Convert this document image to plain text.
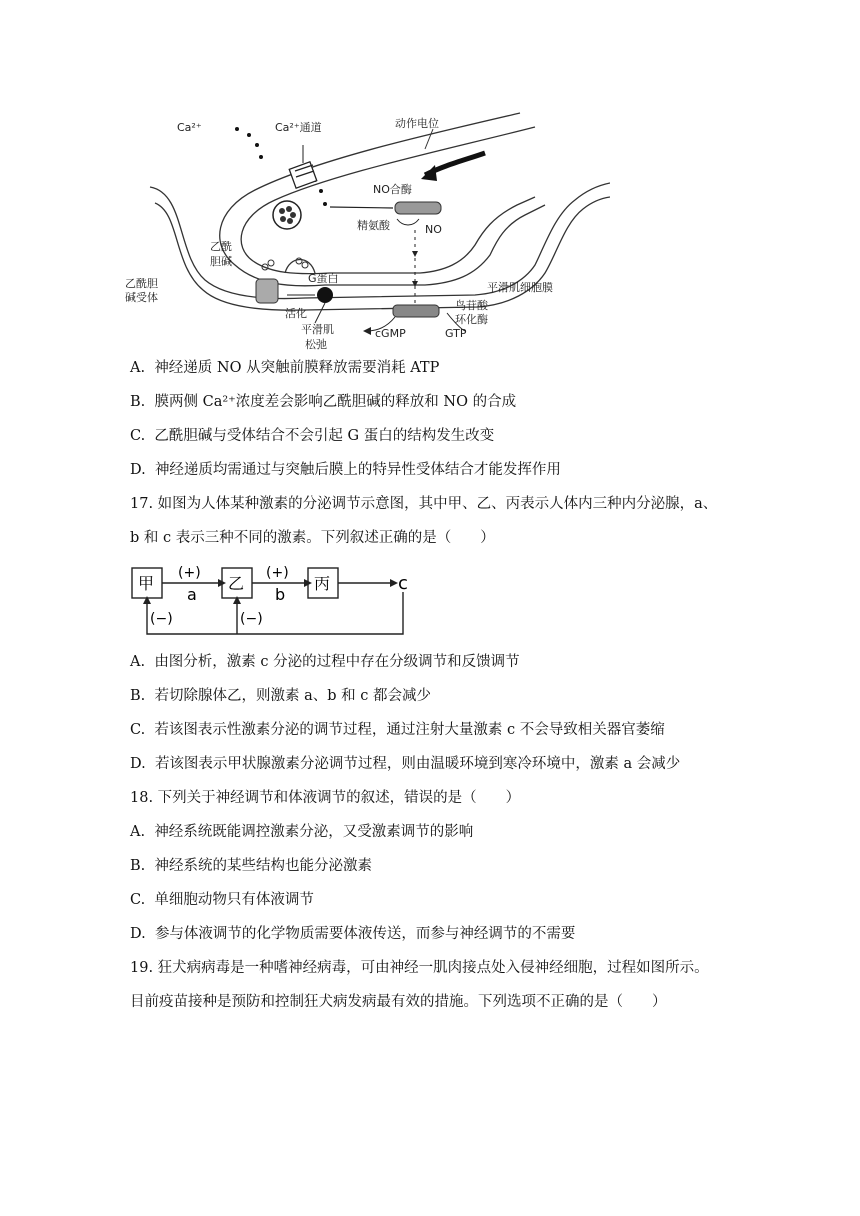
Ca²⁺	Ca²⁺通道	动作电位
NO合酶
精氨酸	NO
乙酰
胆碱
G蛋白
乙酰胆
碱受体
活化
平滑肌
松弛
cGMP	GTP
鸟苷酸
环化酶
平滑肌细胞膜
A. 神经递质 NO 从突触前膜释放需要消耗 ATP
B. 膜两侧 Ca²⁺浓度差会影响乙酰胆碱的释放和 NO 的合成
C. 乙酰胆碱与受体结合不会引起 G 蛋白的结构发生改变
D. 神经递质均需通过与突触后膜上的特异性受体结合才能发挥作用
17. 如图为人体某种激素的分泌调节示意图，其中甲、乙、丙表示人体内三种内分泌腺，a、
b 和 c 表示三种不同的激素。下列叙述正确的是（　　）
甲	乙	丙
(+)	(+)
a	b
c
(−)	(−)
A. 由图分析，激素 c 分泌的过程中存在分级调节和反馈调节
B. 若切除腺体乙，则激素 a、b 和 c 都会减少
C. 若该图表示性激素分泌的调节过程，通过注射大量激素 c 不会导致相关器官萎缩
D. 若该图表示甲状腺激素分泌调节过程，则由温暖环境到寒冷环境中，激素 a 会减少
18. 下列关于神经调节和体液调节的叙述，错误的是（　　）
A. 神经系统既能调控激素分泌，又受激素调节的影响
B. 神经系统的某些结构也能分泌激素
C. 单细胞动物只有体液调节
D. 参与体液调节的化学物质需要体液传送，而参与神经调节的不需要
19. 狂犬病病毒是一种嗜神经病毒，可由神经一肌肉接点处入侵神经细胞，过程如图所示。
目前疫苗接种是预防和控制狂犬病发病最有效的措施。下列选项不正确的是（　　）
